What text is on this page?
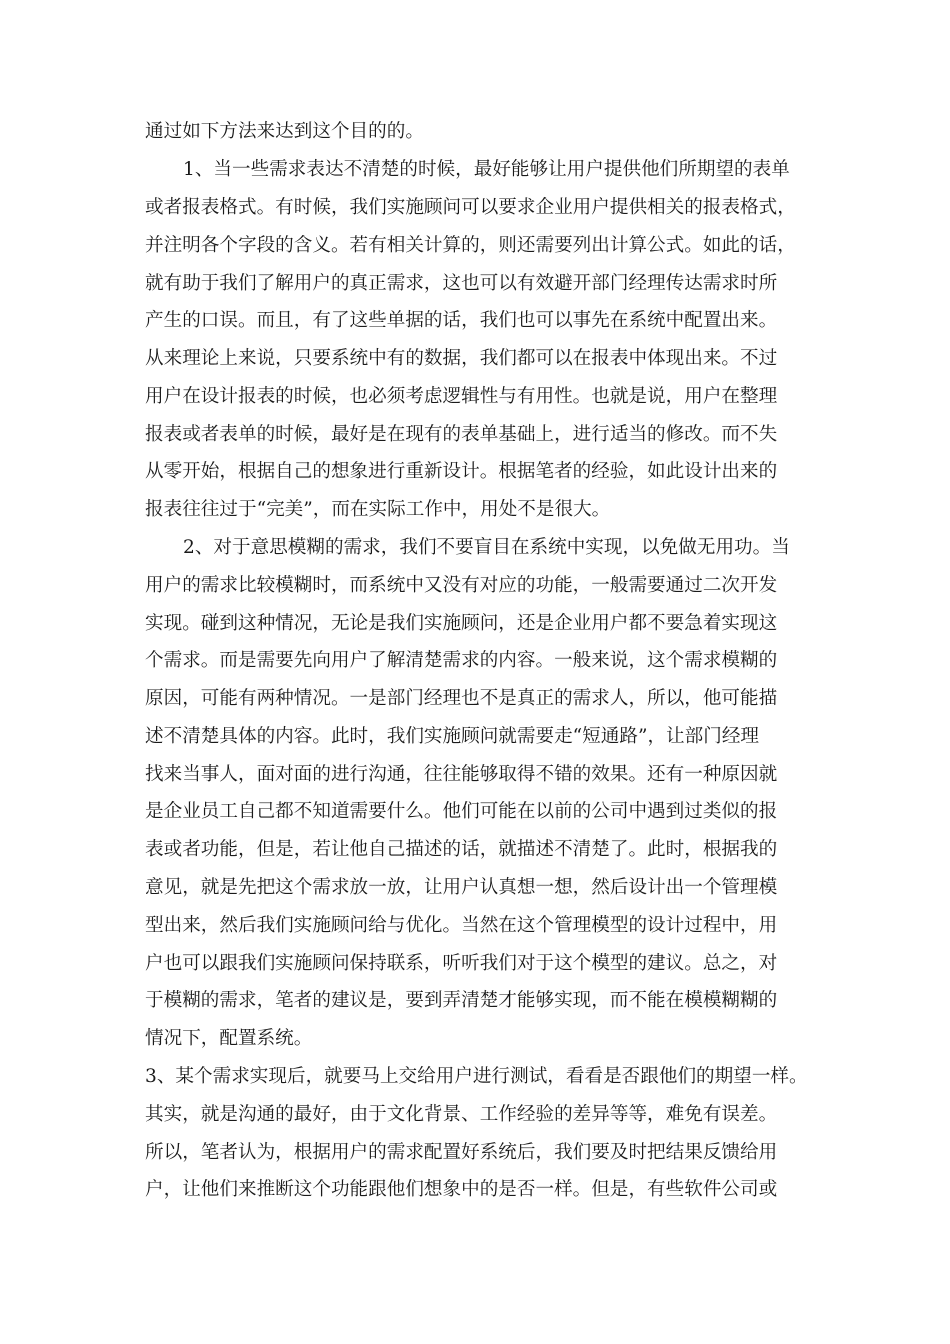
通过如下方法来达到这个目的的。
1、当一些需求表达不清楚的时候，最好能够让用户提供他们所期望的表单
或者报表格式。有时候，我们实施顾问可以要求企业用户提供相关的报表格式，
并注明各个字段的含义。若有相关计算的，则还需要列出计算公式。如此的话，
就有助于我们了解用户的真正需求，这也可以有效避开部门经理传达需求时所
产生的口误。而且，有了这些单据的话，我们也可以事先在系统中配置出来。
从来理论上来说，只要系统中有的数据，我们都可以在报表中体现出来。不过
用户在设计报表的时候，也必须考虑逻辑性与有用性。也就是说，用户在整理
报表或者表单的时候，最好是在现有的表单基础上，进行适当的修改。而不失
从零开始，根据自己的想象进行重新设计。根据笔者的经验，如此设计出来的
报表往往过于“完美”，而在实际工作中，用处不是很大。
2、对于意思模糊的需求，我们不要盲目在系统中实现，以免做无用功。当
用户的需求比较模糊时，而系统中又没有对应的功能，一般需要通过二次开发
实现。碰到这种情况，无论是我们实施顾问，还是企业用户都不要急着实现这
个需求。而是需要先向用户了解清楚需求的内容。一般来说，这个需求模糊的
原因，可能有两种情况。一是部门经理也不是真正的需求人，所以，他可能描
述不清楚具体的内容。此时，我们实施顾问就需要走“短通路”，让部门经理
找来当事人，面对面的进行沟通，往往能够取得不错的效果。还有一种原因就
是企业员工自己都不知道需要什么。他们可能在以前的公司中遇到过类似的报
表或者功能，但是，若让他自己描述的话，就描述不清楚了。此时，根据我的
意见，就是先把这个需求放一放，让用户认真想一想，然后设计出一个管理模
型出来，然后我们实施顾问给与优化。当然在这个管理模型的设计过程中，用
户也可以跟我们实施顾问保持联系，听听我们对于这个模型的建议。总之，对
于模糊的需求，笔者的建议是，要到弄清楚才能够实现，而不能在模模糊糊的
情况下，配置系统。
3、某个需求实现后，就要马上交给用户进行测试，看看是否跟他们的期望一样。
其实，就是沟通的最好，由于文化背景、工作经验的差异等等，难免有误差。
所以，笔者认为，根据用户的需求配置好系统后，我们要及时把结果反馈给用
户，让他们来推断这个功能跟他们想象中的是否一样。但是，有些软件公司或
